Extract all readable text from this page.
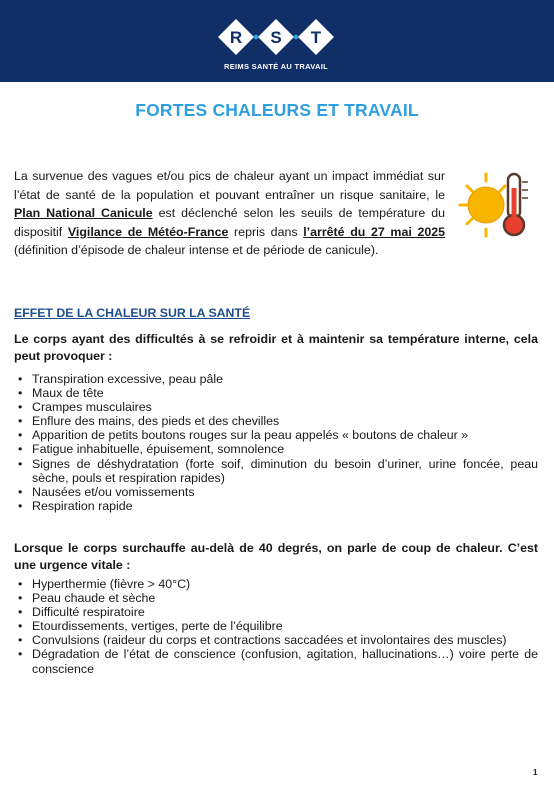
R S T
REIMS SANTÉ AU TRAVAIL
FORTES CHALEURS ET TRAVAIL
La survenue des vagues et/ou pics de chaleur ayant un impact immédiat sur l’état de santé de la population et pouvant entraîner un risque sanitaire, le Plan National Canicule est déclenché selon les seuils de température du dispositif Vigilance de Météo-France repris dans l’arrêté du 27 mai 2025 (définition d’épisode de chaleur intense et de période de canicule).
EFFET DE LA CHALEUR SUR LA SANTÉ
Le corps ayant des difficultés à se refroidir et à maintenir sa température interne, cela peut provoquer :
• Transpiration excessive, peau pâle
• Maux de tête
• Crampes musculaires
• Enflure des mains, des pieds et des chevilles
• Apparition de petits boutons rouges sur la peau appelés « boutons de chaleur »
• Fatigue inhabituelle, épuisement, somnolence
• Signes de déshydratation (forte soif, diminution du besoin d’uriner, urine foncée, peau sèche, pouls et respiration rapides)
• Nausées et/ou vomissements
• Respiration rapide
Lorsque le corps surchauffe au-delà de 40 degrés, on parle de coup de chaleur. C’est une urgence vitale :
• Hyperthermie (fièvre > 40°C)
• Peau chaude et sèche
• Difficulté respiratoire
• Etourdissements, vertiges, perte de l’équilibre
• Convulsions (raideur du corps et contractions saccadées et involontaires des muscles)
• Dégradation de l’état de conscience (confusion, agitation, hallucinations…) voire perte de conscience
1
